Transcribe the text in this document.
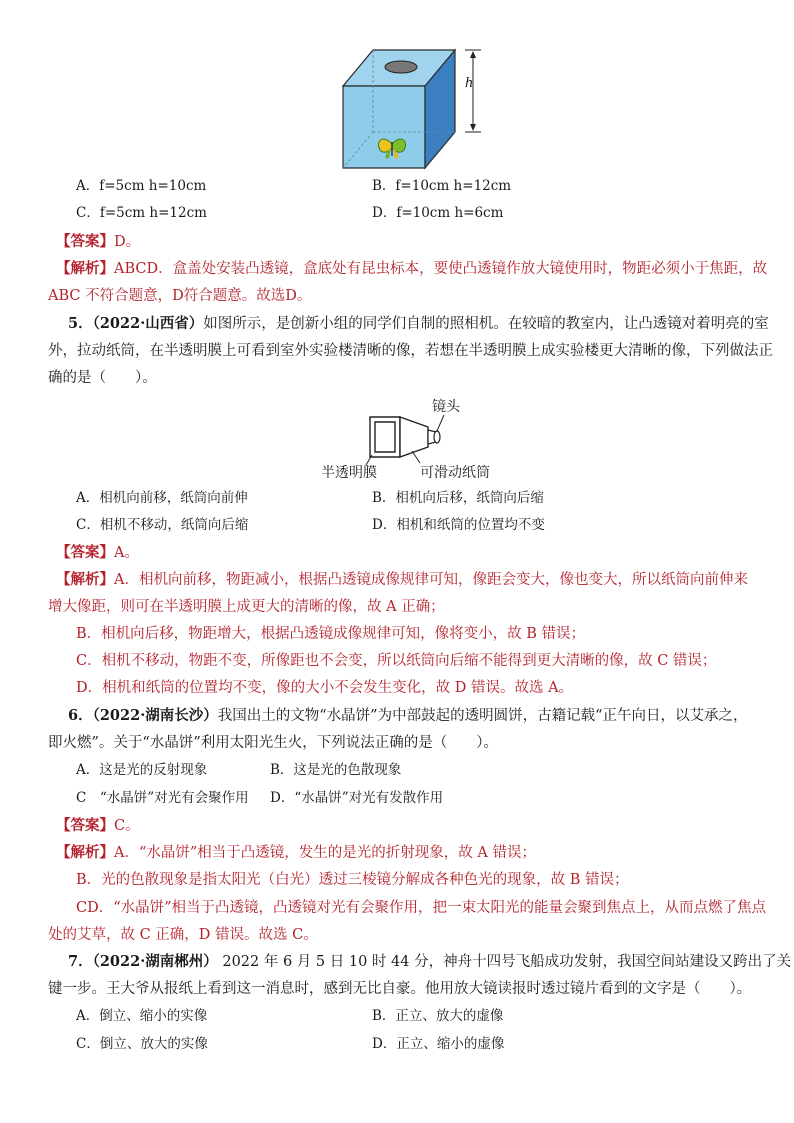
h
A．f=5cm h=10cm	B．f=10cm h=12cm
C．f=5cm h=12cm	D．f=10cm h=6cm
【答案】D。
【解析】ABCD．盒盖处安装凸透镜，盒底处有昆虫标本，要使凸透镜作放大镜使用时，物距必须小于焦距，故
ABC 不符合题意，D符合题意。故选D。
5．（2022·山西省）如图所示，是创新小组的同学们自制的照相机。在较暗的教室内，让凸透镜对着明亮的室
外，拉动纸筒，在半透明膜上可看到室外实验楼清晰的像，若想在半透明膜上成实验楼更大清晰的像，下列做法正
确的是（　　）。
镜头
半透明膜	可滑动纸筒
A．相机向前移，纸筒向前伸	B．相机向后移，纸筒向后缩
C．相机不移动，纸筒向后缩	D．相机和纸筒的位置均不变
【答案】A。
【解析】A．相机向前移，物距减小，根据凸透镜成像规律可知，像距会变大，像也变大，所以纸筒向前伸来
增大像距，则可在半透明膜上成更大的清晰的像，故 A 正确；
B．相机向后移，物距增大，根据凸透镜成像规律可知，像将变小，故 B 错误；
C．相机不移动，物距不变，所像距也不会变，所以纸筒向后缩不能得到更大清晰的像，故 C 错误；
D．相机和纸筒的位置均不变，像的大小不会发生变化，故 D 错误。故选 A。
6．（2022·湖南长沙）我国出土的文物“水晶饼”为中部鼓起的透明圆饼，古籍记载“正午向日，以艾承之，
即火燃”。关于“水晶饼”利用太阳光生火，下列说法正确的是（　　）。
A．这是光的反射现象	B．这是光的色散现象
C　“水晶饼”对光有会聚作用 D．“水晶饼”对光有发散作用
【答案】C。
【解析】A．“水晶饼”相当于凸透镜，发生的是光的折射现象，故 A 错误；
B．光的色散现象是指太阳光（白光）透过三棱镜分解成各种色光的现象，故 B 错误；
CD．“水晶饼”相当于凸透镜，凸透镜对光有会聚作用，把一束太阳光的能量会聚到焦点上，从而点燃了焦点
处的艾草，故 C 正确，D 错误。故选 C。
7．（2022·湖南郴州） 2022 年 6 月 5 日 10 时 44 分，神舟十四号飞船成功发射，我国空间站建设又跨出了关
键一步。王大爷从报纸上看到这一消息时，感到无比自豪。他用放大镜读报时透过镜片看到的文字是（　　）。
A．倒立、缩小的实像	B．正立、放大的虚像
C．倒立、放大的实像	D．正立、缩小的虚像
